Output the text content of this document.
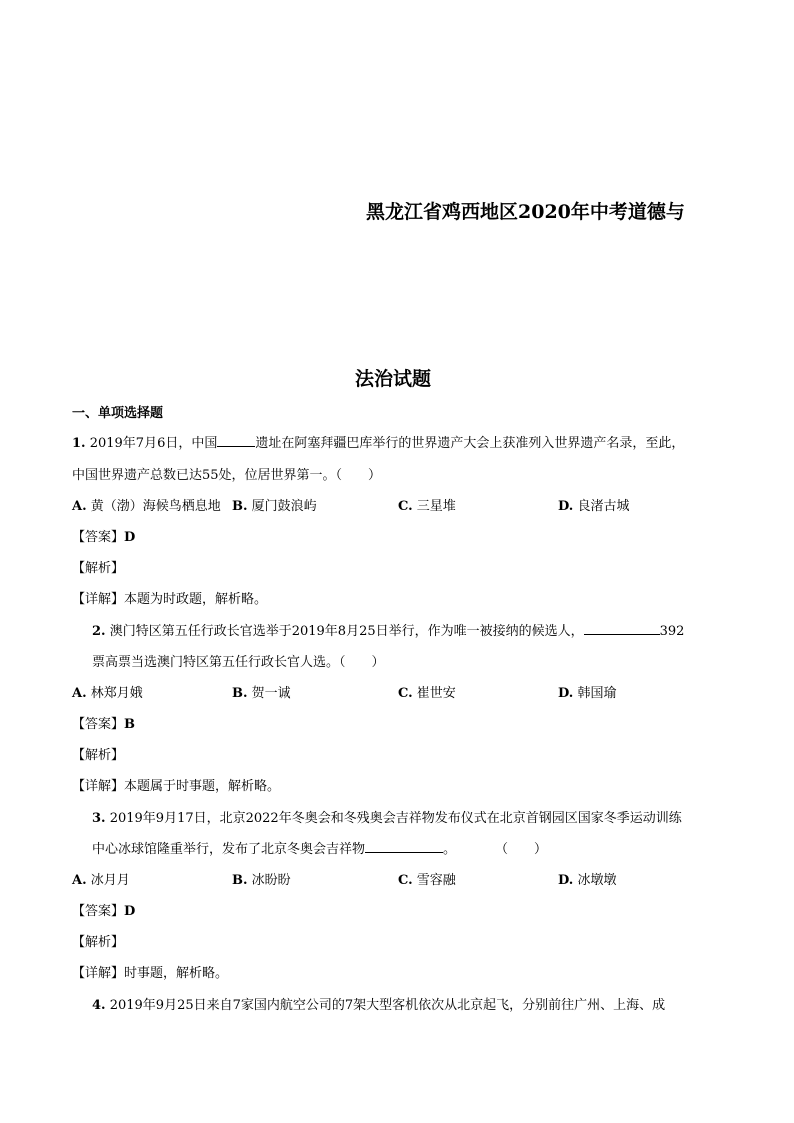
黑龙江省鸡西地区2020年中考道德与
法治试题
一、单项选择题
1. 2019年7月6日，中国	遗址在阿塞拜疆巴库举行的世界遗产大会上获准列入世界遗产名录，至此，
中国世界遗产总数已达55处，位居世界第一。（　　）
A. 黄（渤）海候鸟栖息地 B. 厦门鼓浪屿	C. 三星堆	D. 良渚古城
【答案】D
【解析】
【详解】本题为时政题，解析略。
2. 澳门特区第五任行政长官选举于2019年8月25日举行，作为唯一被接纳的候选人，	392
票高票当选澳门特区第五任行政长官人选。（　　）
A. 林郑月娥	B. 贺一诚	C. 崔世安	D. 韩国瑜
【答案】B
【解析】
【详解】本题属于时事题，解析略。
3. 2019年9月17日，北京2022年冬奥会和冬残奥会吉祥物发布仪式在北京首钢园区国家冬季运动训练
中心冰球馆隆重举行，发布了北京冬奥会吉祥物	。　　　　（　　）
A. 冰月月	B. 冰盼盼	C. 雪容融	D. 冰墩墩
【答案】D
【解析】
【详解】时事题，解析略。
4. 2019年9月25日来自7家国内航空公司的7架大型客机依次从北京起飞，分别前往广州、上海、成
